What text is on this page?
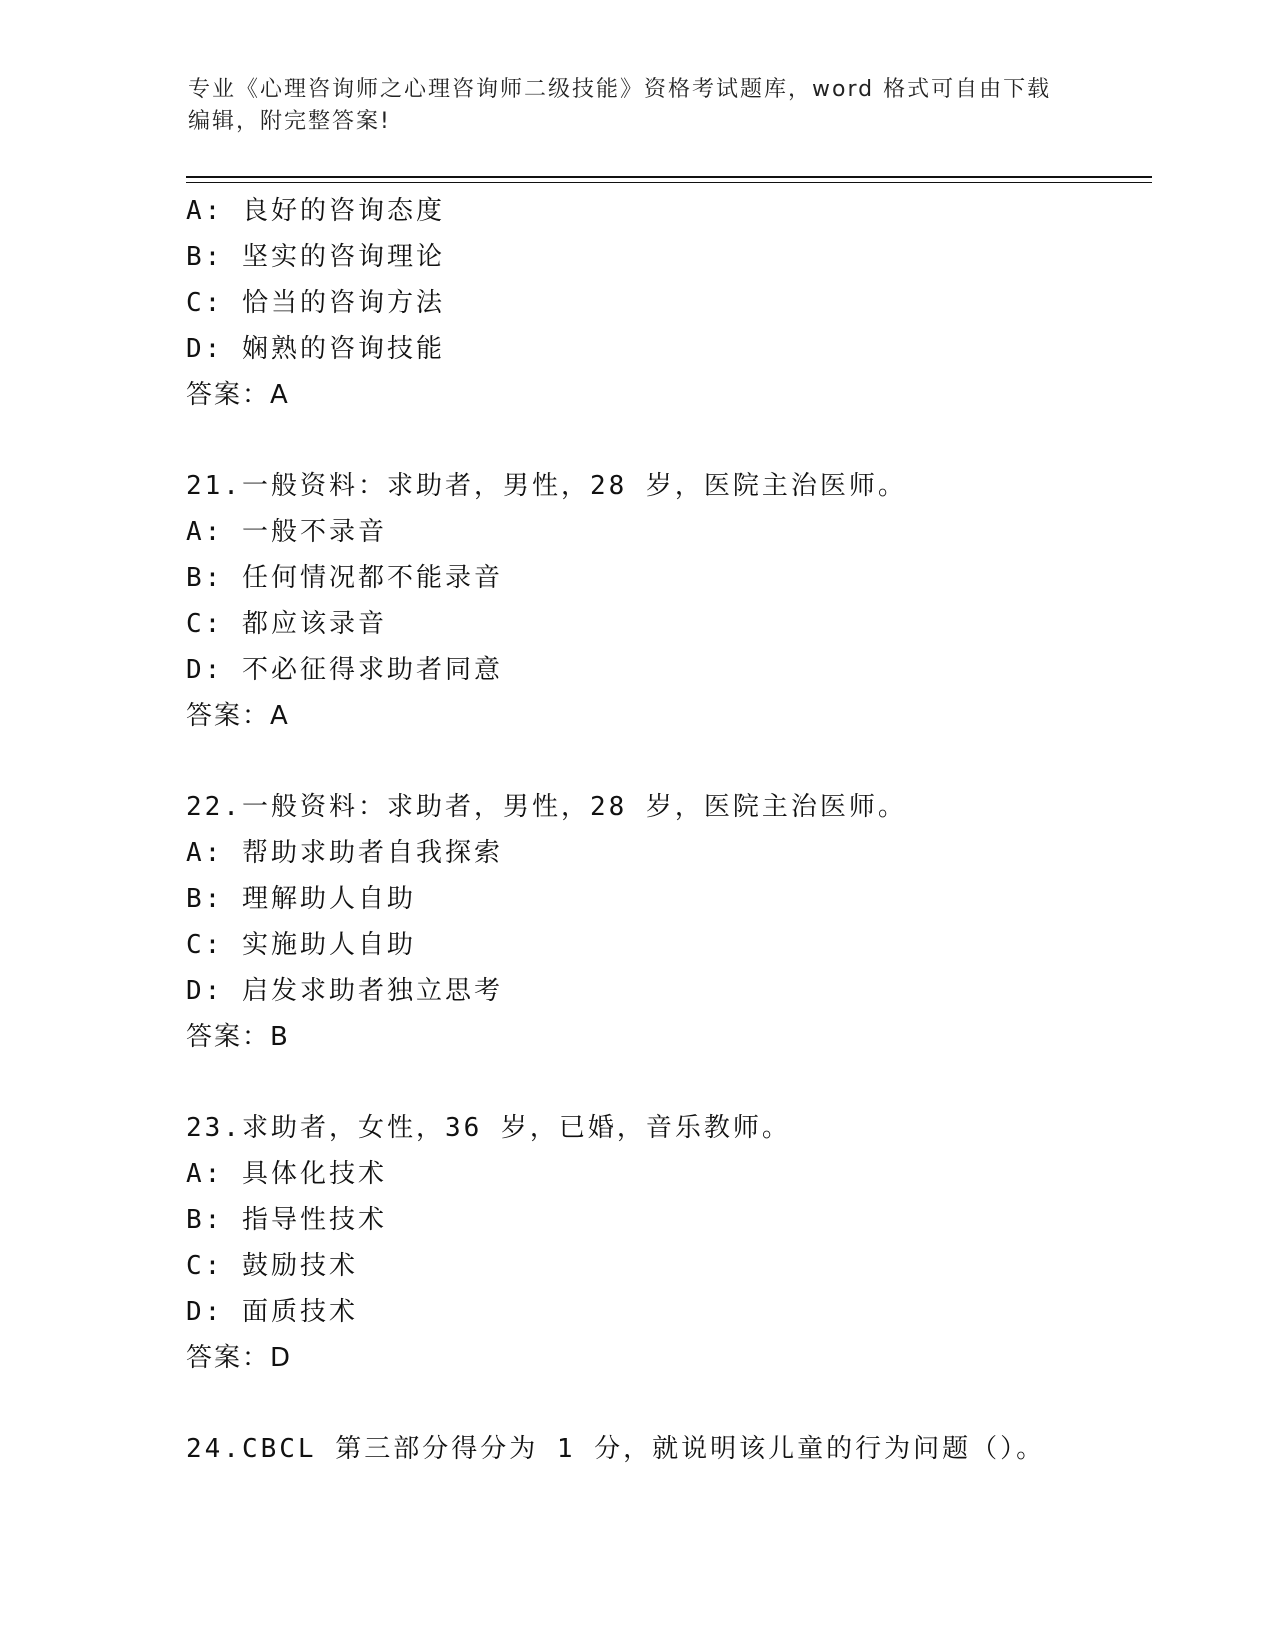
专业《心理咨询师之心理咨询师二级技能》资格考试题库，word 格式可自由下载
编辑，附完整答案!
A: 良好的咨询态度
B: 坚实的咨询理论
C: 恰当的咨询方法
D: 娴熟的咨询技能
答案：A
21.一般资料：求助者，男性，28 岁，医院主治医师。
A: 一般不录音
B: 任何情况都不能录音
C: 都应该录音
D: 不必征得求助者同意
答案：A
22.一般资料：求助者，男性，28 岁，医院主治医师。
A: 帮助求助者自我探索
B: 理解助人自助
C: 实施助人自助
D: 启发求助者独立思考
答案：B
23.求助者，女性，36 岁，已婚，音乐教师。
A: 具体化技术
B: 指导性技术
C: 鼓励技术
D: 面质技术
答案：D
24.CBCL 第三部分得分为 1 分，就说明该儿童的行为问题（）。
